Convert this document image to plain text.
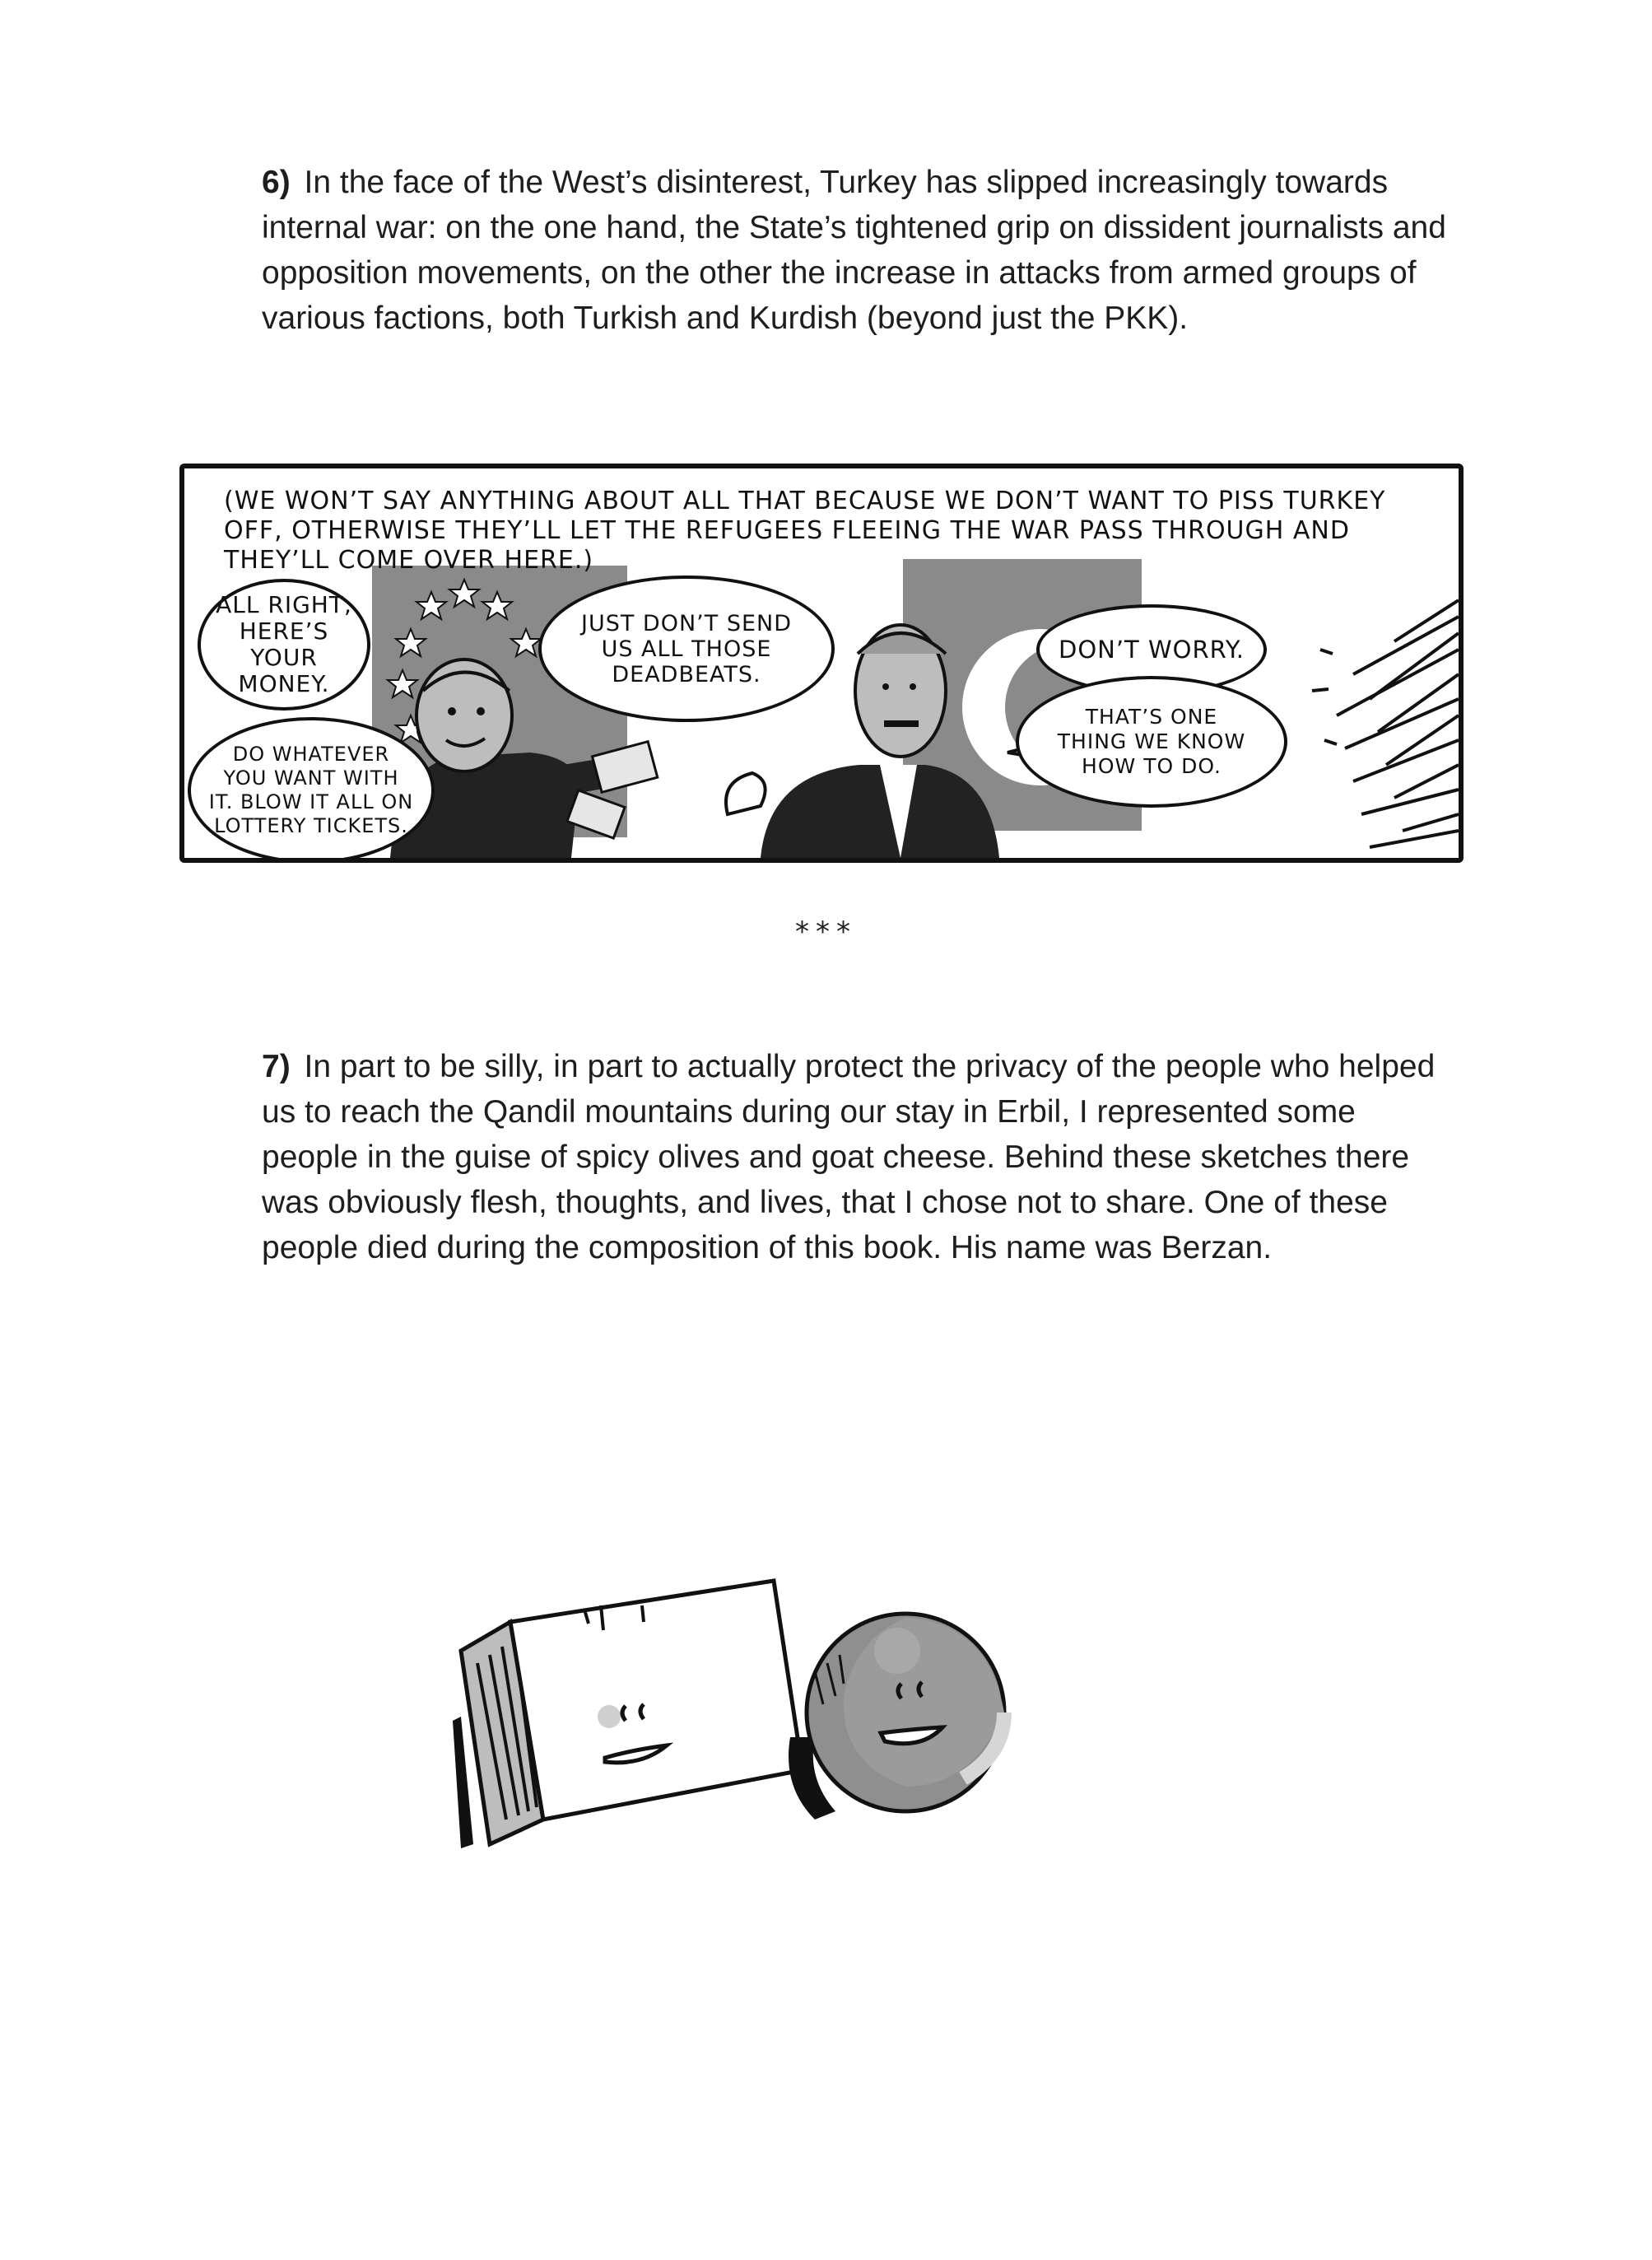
6) In the face of the West’s disinterest, Turkey has slipped increasingly towards internal war: on the one hand, the State’s tightened grip on dissident journalists and opposition movements, on the other the increase in attacks from armed groups of various factions, both Turkish and Kurdish (beyond just the PKK).
(WE WON’T SAY ANYTHING ABOUT ALL THAT BECAUSE WE DON’T WANT TO PISS TURKEY OFF, OTHERWISE THEY’LL LET THE REFUGEES FLEEING THE WAR PASS THROUGH AND THEY’LL COME OVER HERE.)
ALL RIGHT, HERE’S YOUR MONEY.
DO WHATEVER YOU WANT WITH IT. BLOW IT ALL ON LOTTERY TICKETS.
JUST DON’T SEND US ALL THOSE DEADBEATS.
DON’T WORRY.
THAT’S ONE THING WE KNOW HOW TO DO.
***
7) In part to be silly, in part to actually protect the privacy of the people who helped us to reach the Qandil mountains during our stay in Erbil, I represented some people in the guise of spicy olives and goat cheese. Behind these sketches there was obviously flesh, thoughts, and lives, that I chose not to share. One of these people died during the composition of this book. His name was Berzan.
